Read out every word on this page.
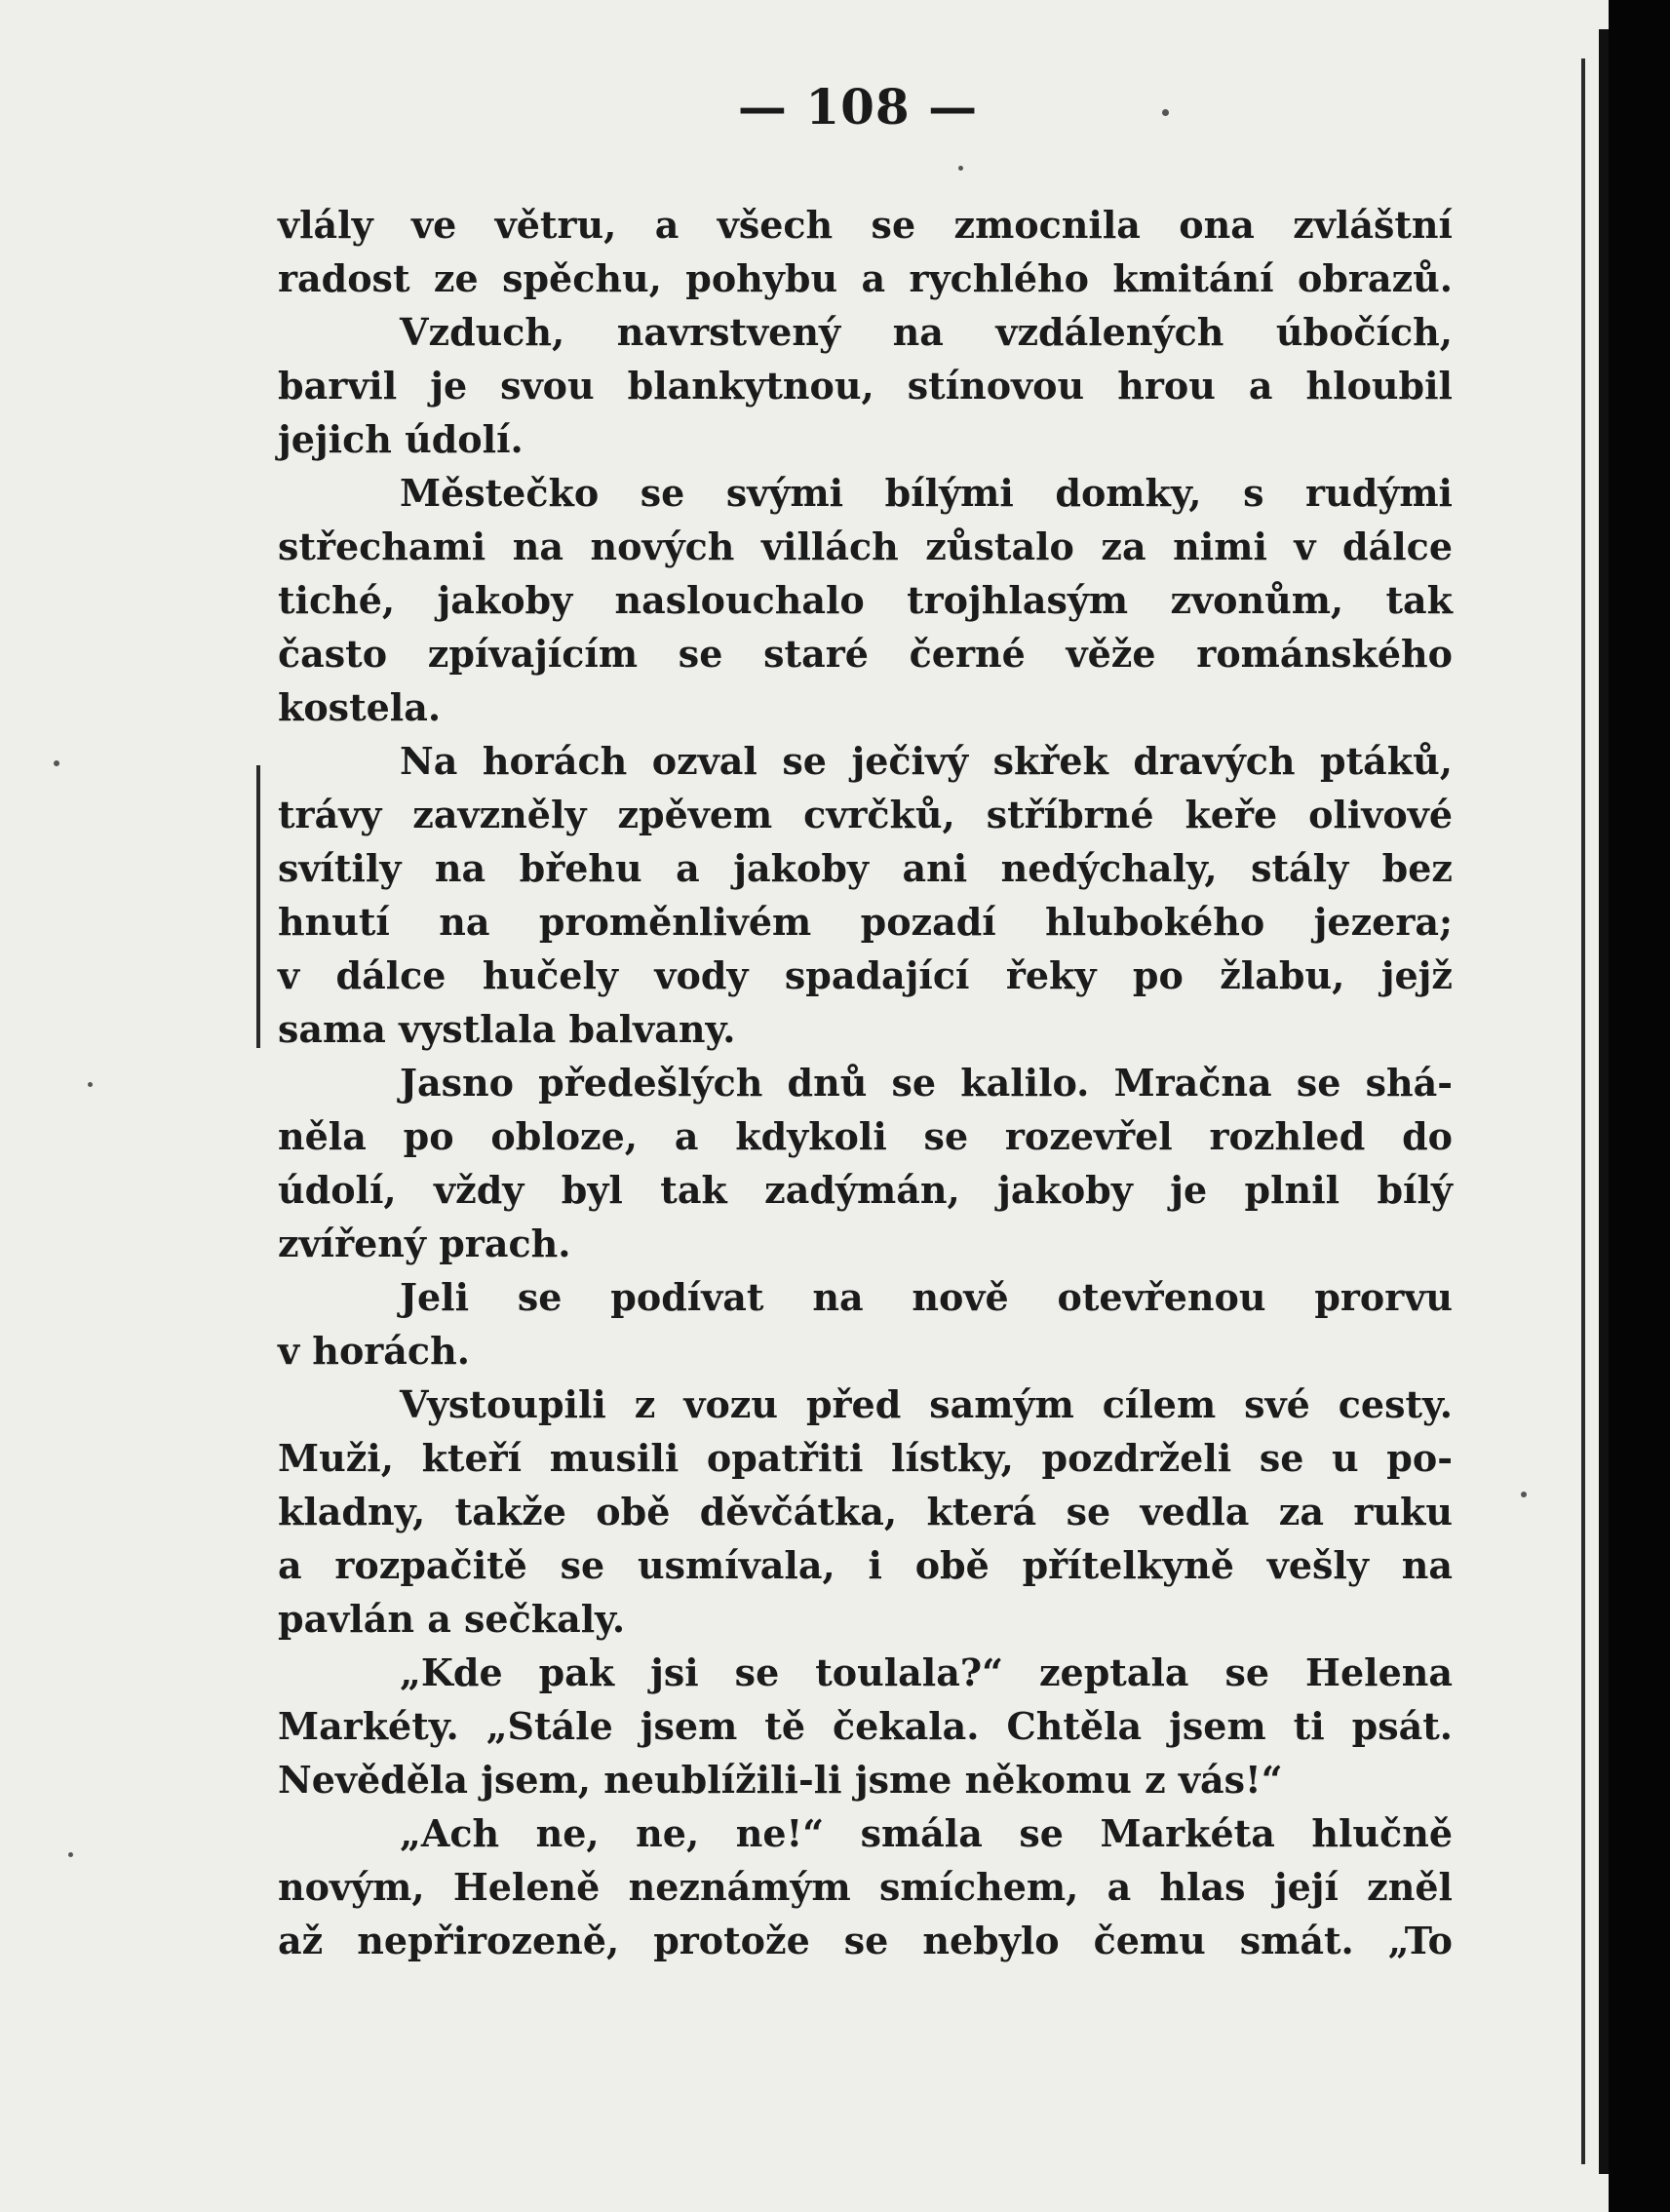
— 108 —
vlály ve větru, a všech se zmocnila ona zvláštní
radost ze spěchu, pohybu a rychlého kmitání obrazů.
Vzduch, navrstvený na vzdálených úbočích,
barvil je svou blankytnou, stínovou hrou a hloubil
jejich údolí.
Městečko se svými bílými domky, s rudými
střechami na nových villách zůstalo za nimi v dálce
tiché, jakoby naslouchalo trojhlasým zvonům, tak
často zpívajícím se staré černé věže románského
kostela.
Na horách ozval se ječivý skřek dravých ptáků,
trávy zavzněly zpěvem cvrčků, stříbrné keře olivové
svítily na břehu a jakoby ani nedýchaly, stály bez
hnutí na proměnlivém pozadí hlubokého jezera;
v dálce hučely vody spadající řeky po žlabu, jejž
sama vystlala balvany.
Jasno předešlých dnů se kalilo. Mračna se shá-
něla po obloze, a kdykoli se rozevřel rozhled do
údolí, vždy byl tak zadýmán, jakoby je plnil bílý
zvířený prach.
Jeli se podívat na nově otevřenou prorvu
v horách.
Vystoupili z vozu před samým cílem své cesty.
Muži, kteří musili opatřiti lístky, pozdrželi se u po-
kladny, takže obě děvčátka, která se vedla za ruku
a rozpačitě se usmívala, i obě přítelkyně vešly na
pavlán a sečkaly.
„Kde pak jsi se toulala?“ zeptala se Helena
Markéty. „Stále jsem tě čekala. Chtěla jsem ti psát.
Nevěděla jsem, neublížili-li jsme někomu z vás!“
„Ach ne, ne, ne!“ smála se Markéta hlučně
novým, Heleně neznámým smíchem, a hlas její zněl
až nepřirozeně, protože se nebylo čemu smát. „To
